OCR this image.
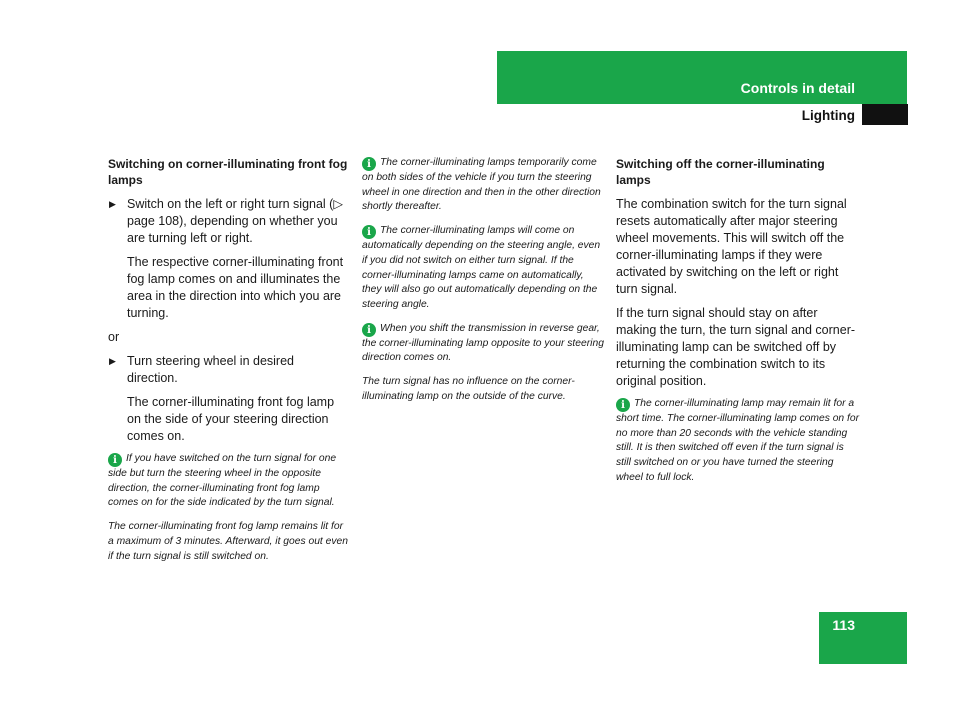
Controls in detail
Lighting
Switching on corner-illuminating front fog lamps
▶ Switch on the left or right turn signal (▷ page 108), depending on whether you are turning left or right.
The respective corner-illuminating front fog lamp comes on and illuminates the area in the direction into which you are turning.
or
▶ Turn steering wheel in desired direction.
The corner-illuminating front fog lamp on the side of your steering direction comes on.
i If you have switched on the turn signal for one side but turn the steering wheel in the opposite direction, the corner-illuminating front fog lamp comes on for the side indicated by the turn signal.
The corner-illuminating front fog lamp remains lit for a maximum of 3 minutes. Afterward, it goes out even if the turn signal is still switched on.
i The corner-illuminating lamps temporarily come on both sides of the vehicle if you turn the steering wheel in one direction and then in the other direction shortly thereafter.
i The corner-illuminating lamps will come on automatically depending on the steering angle, even if you did not switch on either turn signal. If the corner-illuminating lamps came on automatically, they will also go out automatically depending on the steering angle.
i When you shift the transmission in reverse gear, the corner-illuminating lamp opposite to your steering direction comes on.
The turn signal has no influence on the corner-illuminating lamp on the outside of the curve.
Switching off the corner-illuminating lamps
The combination switch for the turn signal resets automatically after major steering wheel movements. This will switch off the corner-illuminating lamps if they were activated by switching on the left or right turn signal.
If the turn signal should stay on after making the turn, the turn signal and corner-illuminating lamp can be switched off by returning the combination switch to its original position.
i The corner-illuminating lamp may remain lit for a short time. The corner-illuminating lamp comes on for no more than 20 seconds with the vehicle standing still. It is then switched off even if the turn signal is still switched on or you have turned the steering wheel to full lock.
113
